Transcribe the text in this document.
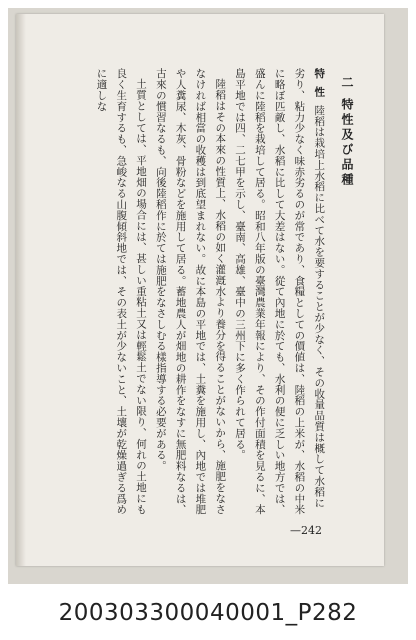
二 特性及び品種

特 性陸稻は栽培上水稻に比べて水を要することが少なく、その收量品質は概して水稻に劣り、粘力少なく味赤劣るのが常であり、食糧としての價値は、陸稻の上米が、水稻の中米に略ぼ匹敵し、水稻に比して大差はない。從て內地に於ても、水利の便に乏しい地方では、盛んに陸稻を栽培して居る。昭和八年版の臺灣農業年報により、その作付面積を見るに、本島平地では四、二七甲を示し、臺南、高雄、臺中の三州下に多く作られて居る。

陸稻はその本來の性質上、水稻の如く灌漑水より養分を得ることがないから、施肥をなさなければ相當の收穫は到底望まれない。故に本島の平地では、土糞を施用し、內地では堆肥や人糞尿、木灰、骨粉などを施用して居る。蓄地農人が畑地の耕作をなすに無肥料なるは、古來の慣習なるも、向後陸稻作に於ては施肥をなさしむる樣指導する必要がある。

土質としては、平地畑の場合には、甚しい重粘土又は輕鬆土でない限り、何れの土地にも良く生育するも、急峻なる山腹傾斜地では、その表土が少ないこと、土壤が乾燥過ぎる爲めに適しな

—242
200303300040001_P282
